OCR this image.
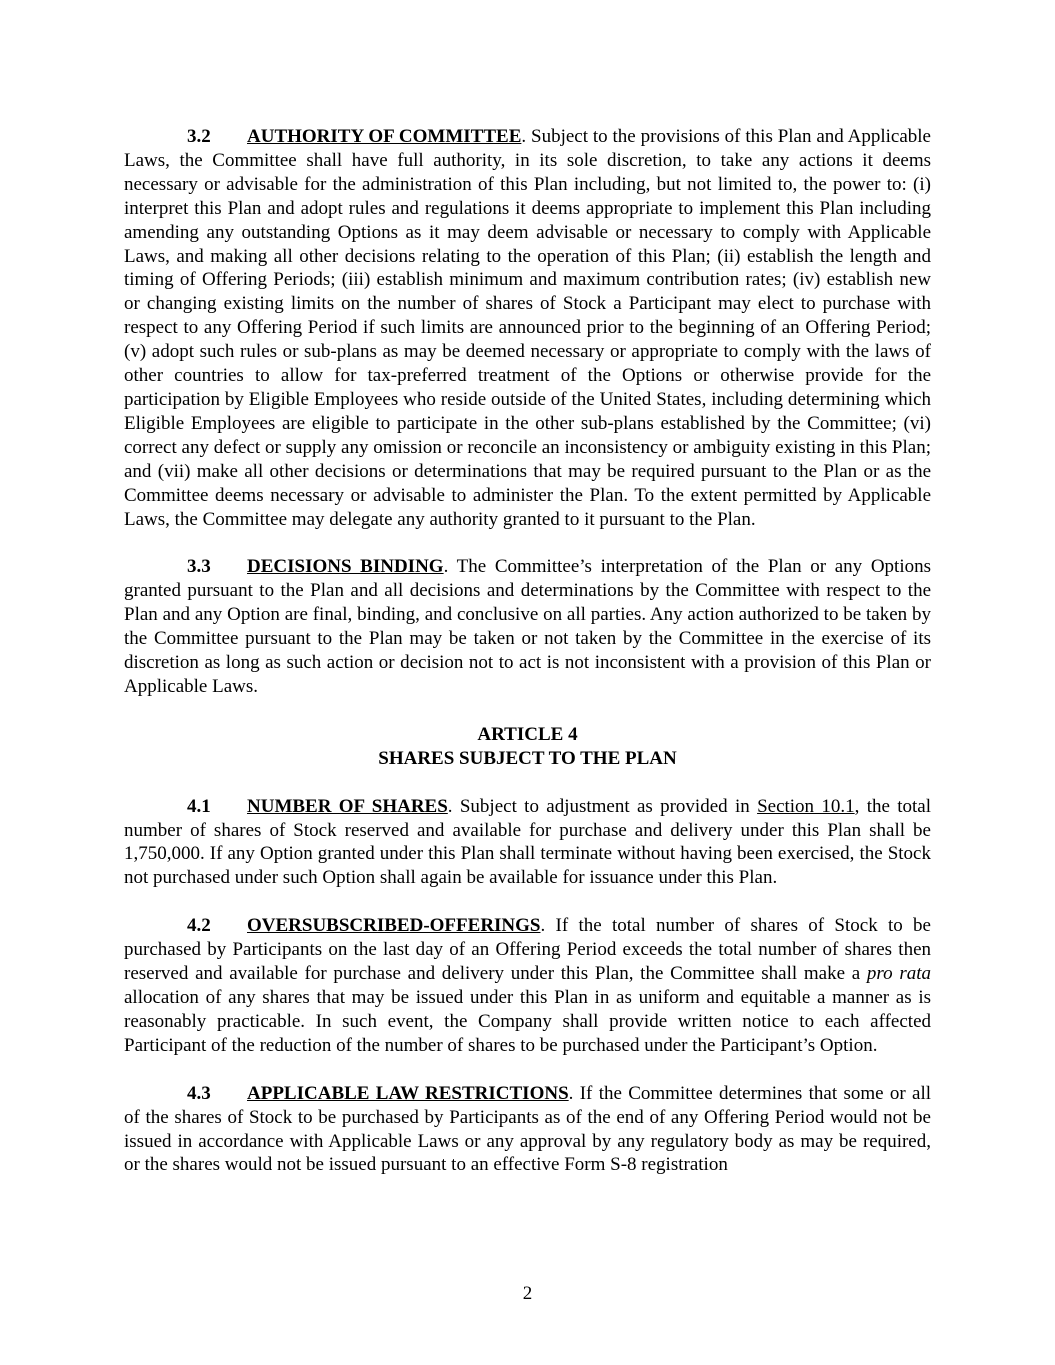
3.2 AUTHORITY OF COMMITTEE. Subject to the provisions of this Plan and Applicable Laws, the Committee shall have full authority, in its sole discretion, to take any actions it deems necessary or advisable for the administration of this Plan including, but not limited to, the power to: (i) interpret this Plan and adopt rules and regulations it deems appropriate to implement this Plan including amending any outstanding Options as it may deem advisable or necessary to comply with Applicable Laws, and making all other decisions relating to the operation of this Plan; (ii) establish the length and timing of Offering Periods; (iii) establish minimum and maximum contribution rates; (iv) establish new or changing existing limits on the number of shares of Stock a Participant may elect to purchase with respect to any Offering Period if such limits are announced prior to the beginning of an Offering Period; (v) adopt such rules or sub-plans as may be deemed necessary or appropriate to comply with the laws of other countries to allow for tax-preferred treatment of the Options or otherwise provide for the participation by Eligible Employees who reside outside of the United States, including determining which Eligible Employees are eligible to participate in the other sub-plans established by the Committee; (vi) correct any defect or supply any omission or reconcile an inconsistency or ambiguity existing in this Plan; and (vii) make all other decisions or determinations that may be required pursuant to the Plan or as the Committee deems necessary or advisable to administer the Plan. To the extent permitted by Applicable Laws, the Committee may delegate any authority granted to it pursuant to the Plan.

3.3 DECISIONS BINDING. The Committee’s interpretation of the Plan or any Options granted pursuant to the Plan and all decisions and determinations by the Committee with respect to the Plan and any Option are final, binding, and conclusive on all parties. Any action authorized to be taken by the Committee pursuant to the Plan may be taken or not taken by the Committee in the exercise of its discretion as long as such action or decision not to act is not inconsistent with a provision of this Plan or Applicable Laws.

ARTICLE 4
SHARES SUBJECT TO THE PLAN

4.1 NUMBER OF SHARES. Subject to adjustment as provided in Section 10.1, the total number of shares of Stock reserved and available for purchase and delivery under this Plan shall be 1,750,000. If any Option granted under this Plan shall terminate without having been exercised, the Stock not purchased under such Option shall again be available for issuance under this Plan.

4.2 OVERSUBSCRIBED-OFFERINGS. If the total number of shares of Stock to be purchased by Participants on the last day of an Offering Period exceeds the total number of shares then reserved and available for purchase and delivery under this Plan, the Committee shall make a pro rata allocation of any shares that may be issued under this Plan in as uniform and equitable a manner as is reasonably practicable. In such event, the Company shall provide written notice to each affected Participant of the reduction of the number of shares to be purchased under the Participant’s Option.

4.3 APPLICABLE LAW RESTRICTIONS. If the Committee determines that some or all of the shares of Stock to be purchased by Participants as of the end of any Offering Period would not be issued in accordance with Applicable Laws or any approval by any regulatory body as may be required, or the shares would not be issued pursuant to an effective Form S-8 registration

2
